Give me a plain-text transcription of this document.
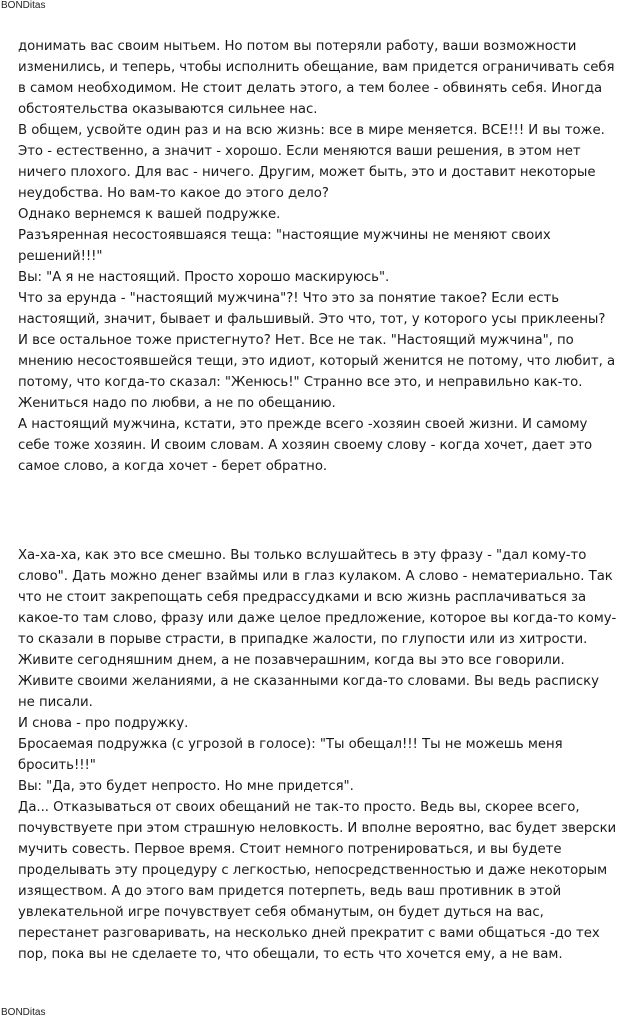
BONDitas
донимать вас своим нытьем. Но потом вы потеряли работу, ваши возможности
изменились, и теперь, чтобы исполнить обещание, вам придется ограничивать себя
в самом необходимом. Не стоит делать этого, а тем более - обвинять себя. Иногда
обстоятельства оказываются сильнее нас.
В общем, усвойте один раз и на всю жизнь: все в мире меняется. ВСЕ!!! И вы тоже.
Это - естественно, а значит - хорошо. Если меняются ваши решения, в этом нет
ничего плохого. Для вас - ничего. Другим, может быть, это и доставит некоторые
неудобства. Но вам-то какое до этого дело?
Однако вернемся к вашей подружке.
Разъяренная несостоявшаяся теща: "настоящие мужчины не меняют своих
решений!!!"
Вы: "А я не настоящий. Просто хорошо маскируюсь".
Что за ерунда - "настоящий мужчина"?! Что это за понятие такое? Если есть
настоящий, значит, бывает и фальшивый. Это что, тот, у которого усы приклеены?
И все остальное тоже пристегнуто? Нет. Все не так. "Настоящий мужчина", по
мнению несостоявшейся тещи, это идиот, который женится не потому, что любит, а
потому, что когда-то сказал: "Женюсь!" Странно все это, и неправильно как-то.
Жениться надо по любви, а не по обещанию.
А настоящий мужчина, кстати, это прежде всего -хозяин своей жизни. И самому
себе тоже хозяин. И своим словам. А хозяин своему слову - когда хочет, дает это
самое слово, а когда хочет - берет обратно.
Ха-ха-ха, как это все смешно. Вы только вслушайтесь в эту фразу - "дал кому-то
слово". Дать можно денег взаймы или в глаз кулаком. А слово - нематериально. Так
что не стоит закрепощать себя предрассудками и всю жизнь расплачиваться за
какое-то там слово, фразу или даже целое предложение, которое вы когда-то кому-
то сказали в порыве страсти, в припадке жалости, по глупости или из хитрости.
Живите сегодняшним днем, а не позавчерашним, когда вы это все говорили.
Живите своими желаниями, а не сказанными когда-то словами. Вы ведь расписку
не писали.
И снова - про подружку.
Бросаемая подружка (с угрозой в голосе): "Ты обещал!!! Ты не можешь меня
бросить!!!"
Вы: "Да, это будет непросто. Но мне придется".
Да... Отказываться от своих обещаний не так-то просто. Ведь вы, скорее всего,
почувствуете при этом страшную неловкость. И вполне вероятно, вас будет зверски
мучить совесть. Первое время. Стоит немного потренироваться, и вы будете
проделывать эту процедуру с легкостью, непосредственностью и даже некоторым
изяществом. А до этого вам придется потерпеть, ведь ваш противник в этой
увлекательной игре почувствует себя обманутым, он будет дуться на вас,
перестанет разговаривать, на несколько дней прекратит с вами общаться -до тех
пор, пока вы не сделаете то, что обещали, то есть что хочется ему, а не вам.
BONDitas
